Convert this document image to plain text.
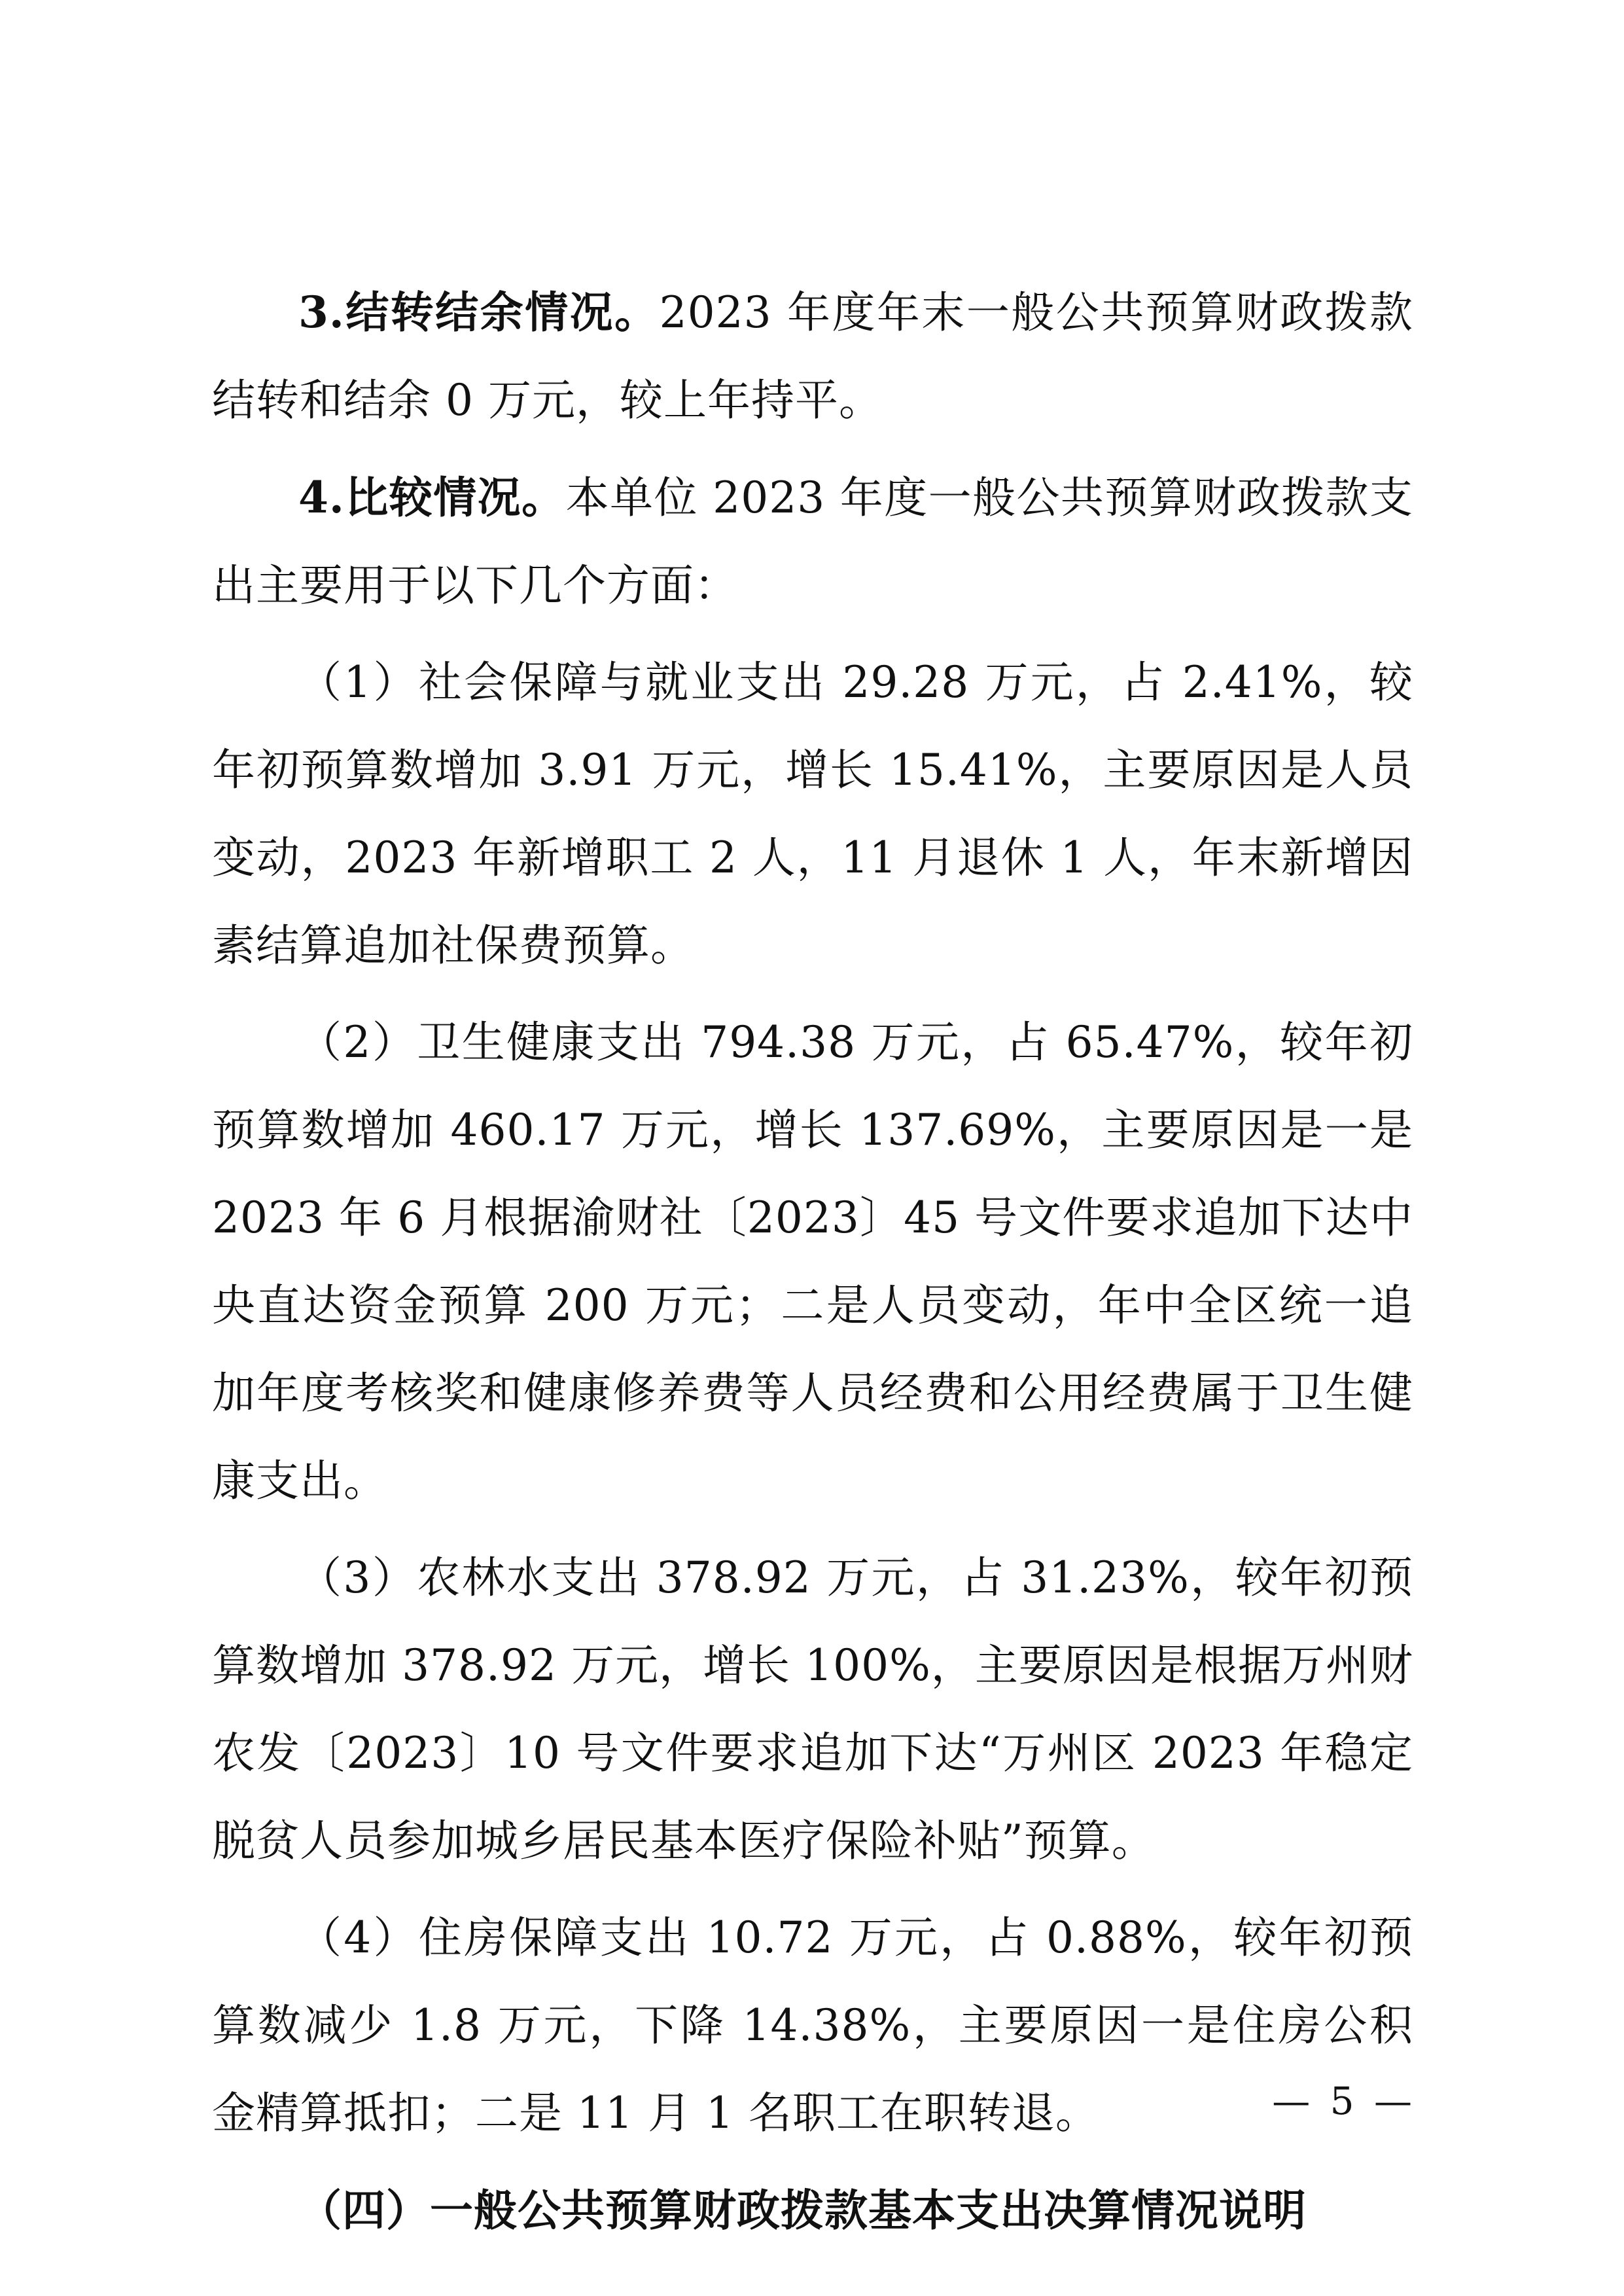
3.结转结余情况。2023 年度年末一般公共预算财政拨款结转和结余 0 万元，较上年持平。

4.比较情况。本单位 2023 年度一般公共预算财政拨款支出主要用于以下几个方面：

（1）社会保障与就业支出 29.28 万元，占 2.41%，较年初预算数增加 3.91 万元，增长 15.41%，主要原因是人员变动，2023 年新增职工 2 人，11 月退休 1 人，年末新增因素结算追加社保费预算。

（2）卫生健康支出 794.38 万元，占 65.47%，较年初预算数增加 460.17 万元，增长 137.69%，主要原因是一是 2023 年 6 月根据渝财社〔2023〕45 号文件要求追加下达中央直达资金预算 200 万元；二是人员变动，年中全区统一追加年度考核奖和健康修养费等人员经费和公用经费属于卫生健康支出。

（3）农林水支出 378.92 万元，占 31.23%，较年初预算数增加 378.92 万元，增长 100%，主要原因是根据万州财农发〔2023〕10 号文件要求追加下达“万州区 2023 年稳定脱贫人员参加城乡居民基本医疗保险补贴”预算。

（4）住房保障支出 10.72 万元，占 0.88%，较年初预算数减少 1.8 万元，下降 14.38%，主要原因一是住房公积金精算抵扣；二是 11 月 1 名职工在职转退。

（四）一般公共预算财政拨款基本支出决算情况说明

— 5 —
